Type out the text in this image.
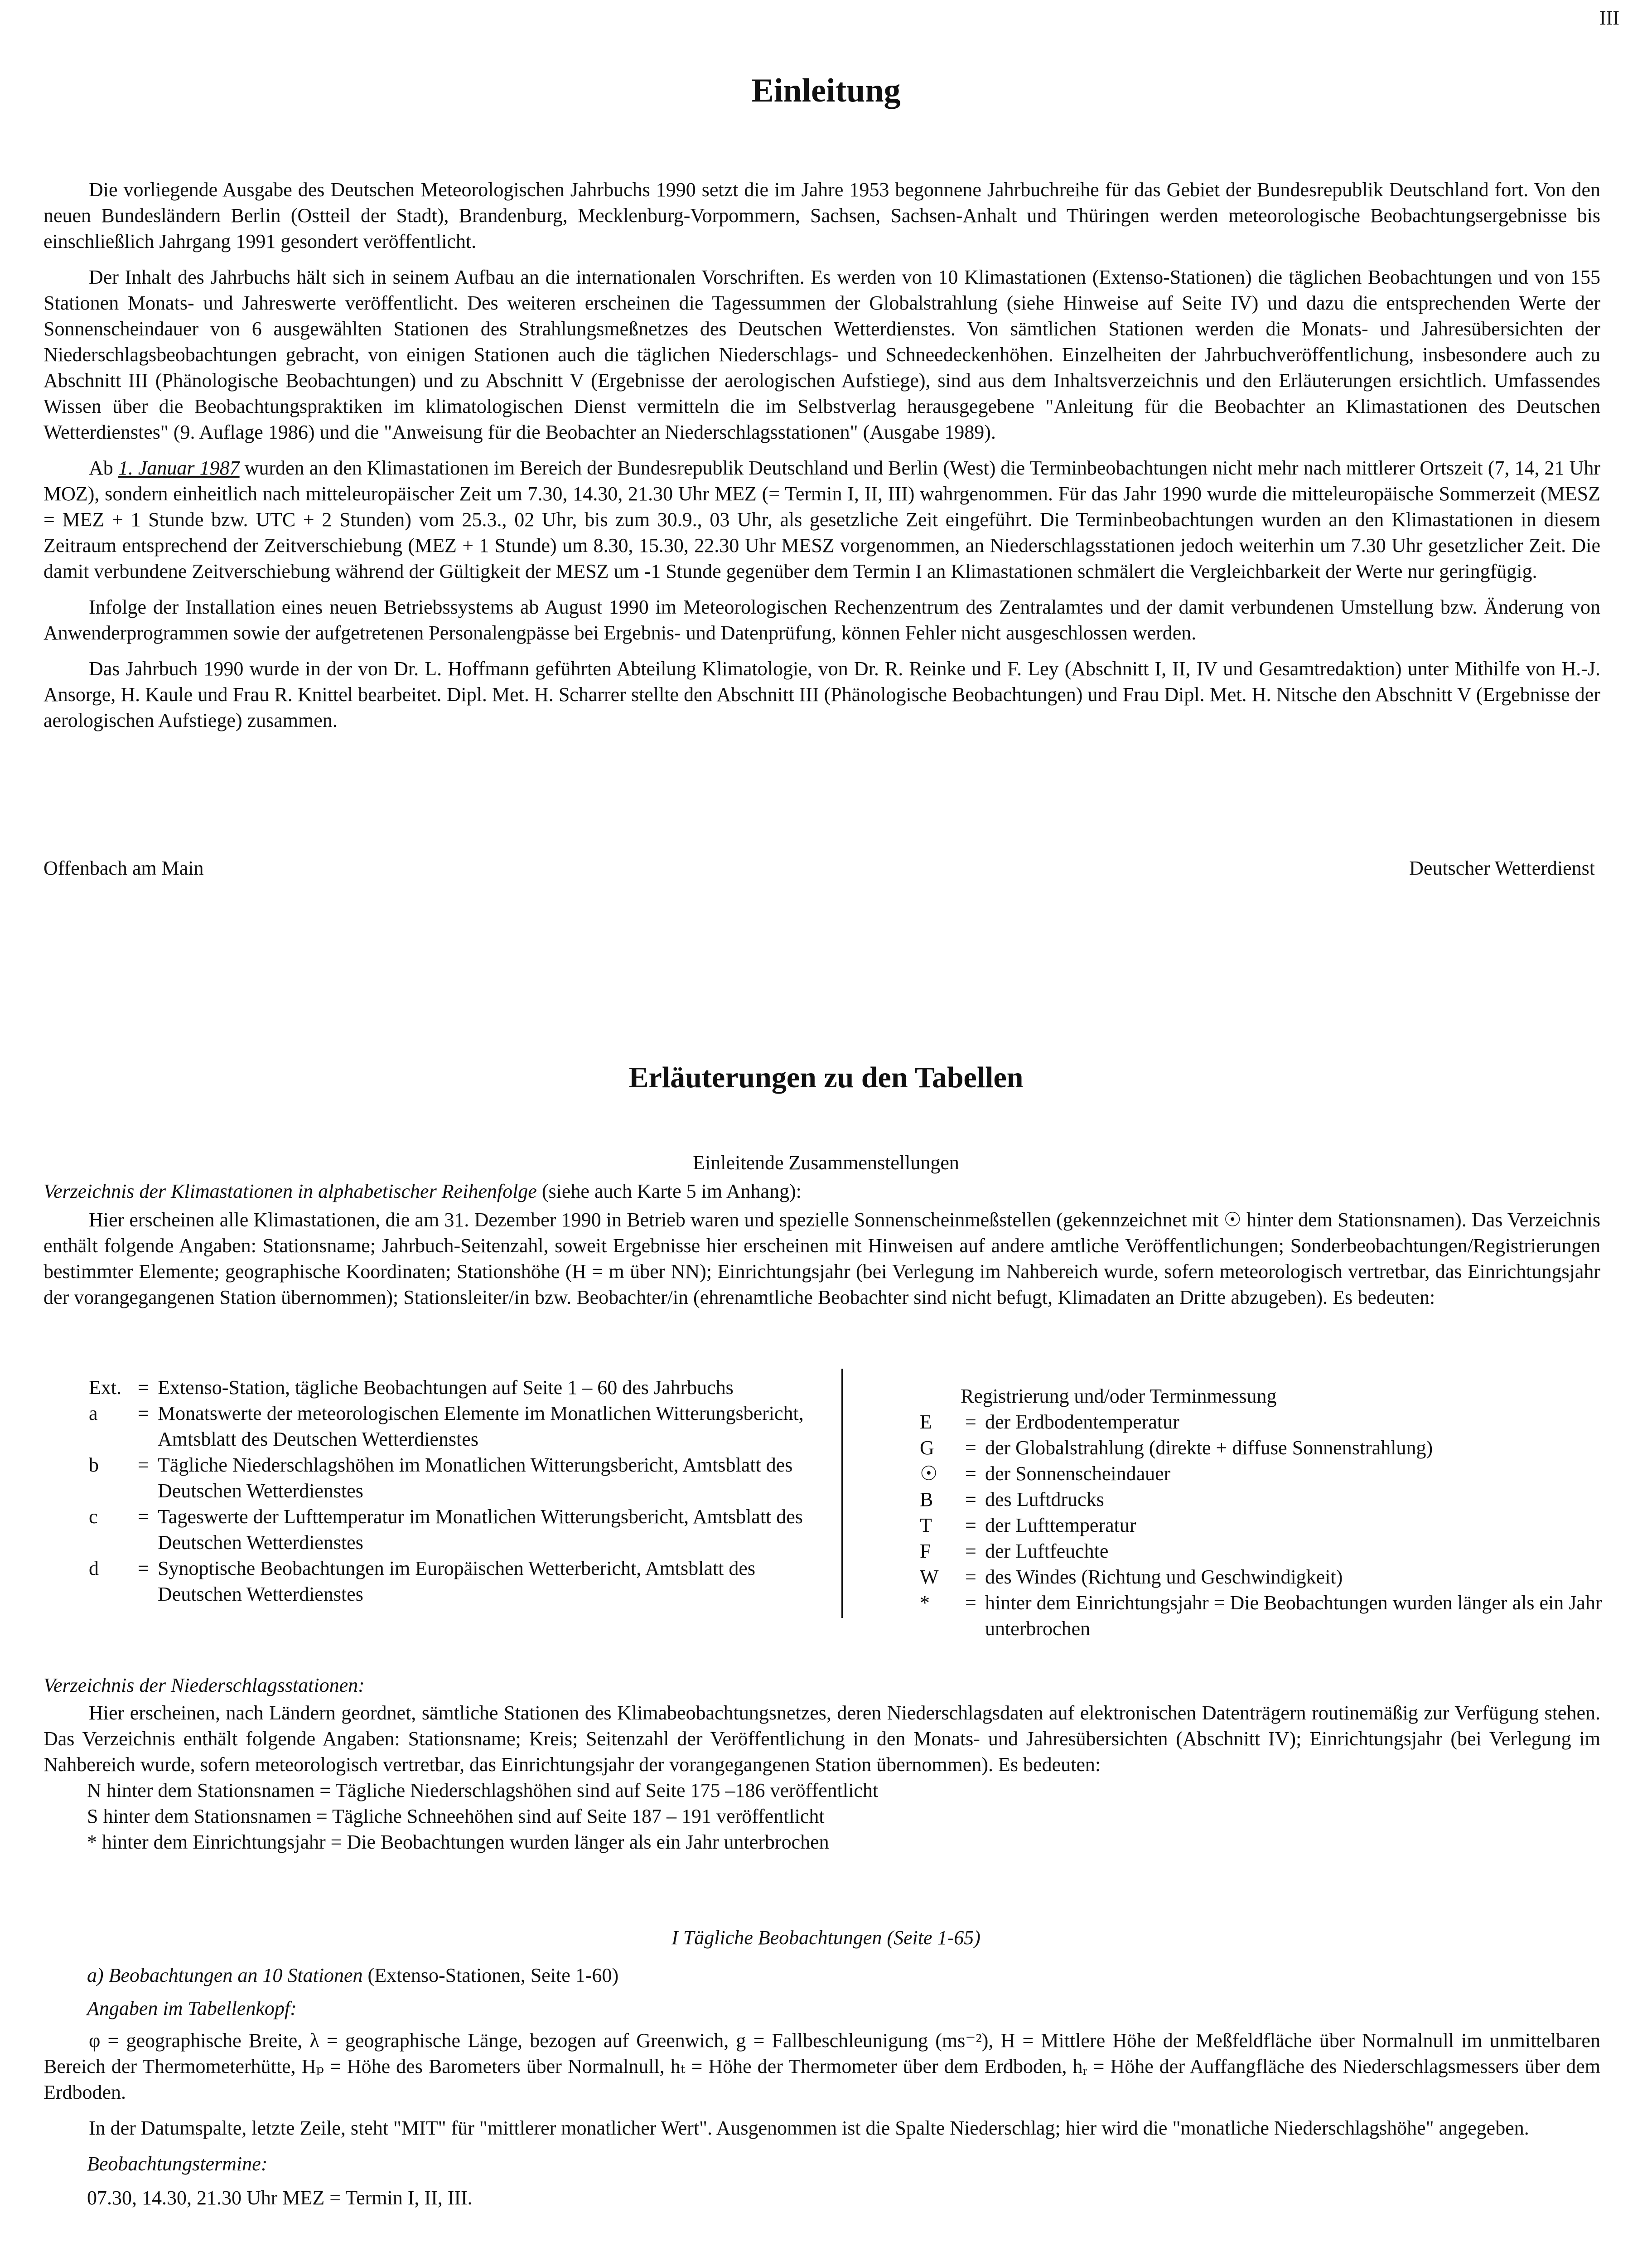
III
Einleitung

Die vorliegende Ausgabe des Deutschen Meteorologischen Jahrbuchs 1990 setzt die im Jahre 1953 begonnene Jahrbuchreihe für das Gebiet der Bundesrepublik Deutschland fort. Von den neuen Bundesländern Berlin (Ostteil der Stadt), Brandenburg, Mecklenburg-Vorpommern, Sachsen, Sachsen-Anhalt und Thüringen werden meteorologische Beobachtungsergebnisse bis einschließlich Jahrgang 1991 gesondert veröffentlicht.

Der Inhalt des Jahrbuchs hält sich in seinem Aufbau an die internationalen Vorschriften. Es werden von 10 Klimastationen (Extenso-Stationen) die täglichen Beobachtungen und von 155 Stationen Monats- und Jahreswerte veröffentlicht. Des weiteren erscheinen die Tagessummen der Globalstrahlung (siehe Hinweise auf Seite IV) und dazu die entsprechenden Werte der Sonnenscheindauer von 6 ausgewählten Stationen des Strahlungsmeßnetzes des Deutschen Wetterdienstes. Von sämtlichen Stationen werden die Monats- und Jahresübersichten der Niederschlagsbeobachtungen gebracht, von einigen Stationen auch die täglichen Niederschlags- und Schneedeckenhöhen. Einzelheiten der Jahrbuchveröffentlichung, insbesondere auch zu Abschnitt III (Phänologische Beobachtungen) und zu Abschnitt V (Ergebnisse der aerologischen Aufstiege), sind aus dem Inhaltsverzeichnis und den Erläuterungen ersichtlich. Umfassendes Wissen über die Beobachtungspraktiken im klimatologischen Dienst vermitteln die im Selbstverlag herausgegebene "Anleitung für die Beobachter an Klimastationen des Deutschen Wetterdienstes" (9. Auflage 1986) und die "Anweisung für die Beobachter an Niederschlagsstationen" (Ausgabe 1989).

Ab 1. Januar 1987 wurden an den Klimastationen im Bereich der Bundesrepublik Deutschland und Berlin (West) die Terminbeobachtungen nicht mehr nach mittlerer Ortszeit (7, 14, 21 Uhr MOZ), sondern einheitlich nach mitteleuropäischer Zeit um 7.30, 14.30, 21.30 Uhr MEZ (= Termin I, II, III) wahrgenommen. Für das Jahr 1990 wurde die mitteleuropäische Sommerzeit (MESZ = MEZ + 1 Stunde bzw. UTC + 2 Stunden) vom 25.3., 02 Uhr, bis zum 30.9., 03 Uhr, als gesetzliche Zeit eingeführt. Die Terminbeobachtungen wurden an den Klimastationen in diesem Zeitraum entsprechend der Zeitverschiebung (MEZ + 1 Stunde) um 8.30, 15.30, 22.30 Uhr MESZ vorgenommen, an Niederschlagsstationen jedoch weiterhin um 7.30 Uhr gesetzlicher Zeit. Die damit verbundene Zeitverschiebung während der Gültigkeit der MESZ um -1 Stunde gegenüber dem Termin I an Klimastationen schmälert die Vergleichbarkeit der Werte nur geringfügig.

Infolge der Installation eines neuen Betriebssystems ab August 1990 im Meteorologischen Rechenzentrum des Zentralamtes und der damit verbundenen Umstellung bzw. Änderung von Anwenderprogrammen sowie der aufgetretenen Personalengpässe bei Ergebnis- und Datenprüfung, können Fehler nicht ausgeschlossen werden.

Das Jahrbuch 1990 wurde in der von Dr. L. Hoffmann geführten Abteilung Klimatologie, von Dr. R. Reinke und F. Ley (Abschnitt I, II, IV und Gesamtredaktion) unter Mithilfe von H.-J. Ansorge, H. Kaule und Frau R. Knittel bearbeitet. Dipl. Met. H. Scharrer stellte den Abschnitt III (Phänologische Beobachtungen) und Frau Dipl. Met. H. Nitsche den Abschnitt V (Ergebnisse der aerologischen Aufstiege) zusammen.

Offenbach am Main	Deutscher Wetterdienst
Erläuterungen zu den Tabellen
Einleitende Zusammenstellungen
Verzeichnis der Klimastationen in alphabetischer Reihenfolge (siehe auch Karte 5 im Anhang):

Hier erscheinen alle Klimastationen, die am 31. Dezember 1990 in Betrieb waren und spezielle Sonnenscheinmeßstellen (gekennzeichnet mit ☉ hinter dem Stationsnamen). Das Verzeichnis enthält folgende Angaben: Stationsname; Jahrbuch-Seitenzahl, soweit Ergebnisse hier erscheinen mit Hinweisen auf andere amtliche Veröffentlichungen; Sonderbeobachtungen/Registrierungen bestimmter Elemente; geographische Koordinaten; Stationshöhe (H = m über NN); Einrichtungsjahr (bei Verlegung im Nahbereich wurde, sofern meteorologisch vertretbar, das Einrichtungsjahr der vorangegangenen Station übernommen); Stationsleiter/in bzw. Beobachter/in (ehrenamtliche Beobachter sind nicht befugt, Klimadaten an Dritte abzugeben). Es bedeuten:

Ext. = Extenso-Station, tägliche Beobachtungen auf Seite 1 – 60 des Jahrbuchs
a	= Monatswerte der meteorologischen Elemente im Monatlichen Witterungsbericht, Amtsblatt des Deutschen Wetterdienstes
b	= Tägliche Niederschlagshöhen im Monatlichen Witterungsbericht, Amtsblatt des Deutschen Wetterdienstes
c	= Tageswerte der Lufttemperatur im Monatlichen Witterungsbericht, Amtsblatt des Deutschen Wetterdienstes
d	= Synoptische Beobachtungen im Europäischen Wetterbericht, Amtsblatt des Deutschen Wetterdienstes
Registrierung und/oder Terminmessung
E	= der Erdbodentemperatur
G	= der Globalstrahlung (direkte + diffuse Sonnenstrahlung)
☉	= der Sonnenscheindauer
B	= des Luftdrucks
T	= der Lufttemperatur
F	= der Luftfeuchte
W	= des Windes (Richtung und Geschwindigkeit)
*	= hinter dem Einrichtungsjahr = Die Beobachtungen wurden länger als ein Jahr unterbrochen
Verzeichnis der Niederschlagsstationen:

Hier erscheinen, nach Ländern geordnet, sämtliche Stationen des Klimabeobachtungsnetzes, deren Niederschlagsdaten auf elektronischen Datenträgern routinemäßig zur Verfügung stehen. Das Verzeichnis enthält folgende Angaben: Stationsname; Kreis; Seitenzahl der Veröffentlichung in den Monats- und Jahresübersichten (Abschnitt IV); Einrichtungsjahr (bei Verlegung im Nahbereich wurde, sofern meteorologisch vertretbar, das Einrichtungsjahr der vorangegangenen Station übernommen). Es bedeuten:

N hinter dem Stationsnamen = Tägliche Niederschlagshöhen sind auf Seite 175 –186 veröffentlicht
S hinter dem Stationsnamen = Tägliche Schneehöhen sind auf Seite 187 – 191 veröffentlicht
* hinter dem Einrichtungsjahr = Die Beobachtungen wurden länger als ein Jahr unterbrochen
I Tägliche Beobachtungen (Seite 1-65)
a) Beobachtungen an 10 Stationen (Extenso-Stationen, Seite 1-60)
Angaben im Tabellenkopf:

φ = geographische Breite, λ = geographische Länge, bezogen auf Greenwich, g = Fallbeschleunigung (ms⁻²), H = Mittlere Höhe der Meßfeldfläche über Normalnull im unmittelbaren Bereich der Thermometerhütte, Hₚ = Höhe des Barometers über Normalnull, hₜ = Höhe der Thermometer über dem Erdboden, hᵣ = Höhe der Auffangfläche des Niederschlagsmessers über dem Erdboden.

In der Datumspalte, letzte Zeile, steht "MIT" für "mittlerer monatlicher Wert". Ausgenommen ist die Spalte Niederschlag; hier wird die "monatliche Niederschlagshöhe" angegeben.

Beobachtungstermine:
07.30, 14.30, 21.30 Uhr MEZ = Termin I, II, III.
